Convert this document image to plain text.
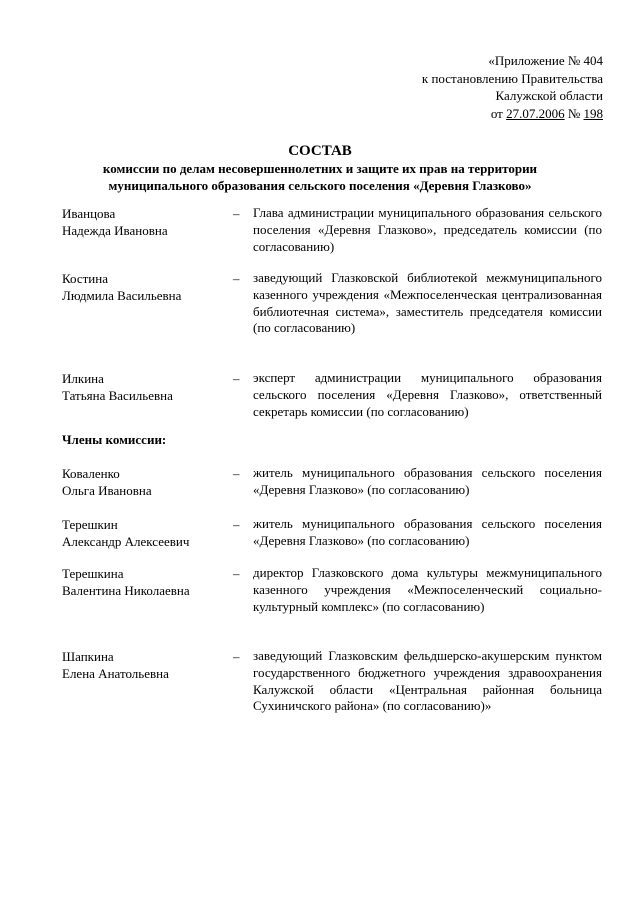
«Приложение № 404
к постановлению Правительства
Калужской области
от 27.07.2006 № 198
СОСТАВ
комиссии по делам несовершеннолетних и защите их прав на территории
муниципального образования сельского поселения «Деревня Глазково»
Иванцова
Надежда Ивановна
– Глава администрации муниципального образования сельского поселения «Деревня Глазково», председатель комиссии (по согласованию)
Костина
Людмила Васильевна
– заведующий Глазковской библиотекой межмуниципального казенного учреждения «Межпоселенческая централизованная библиотечная система», заместитель председателя комиссии (по согласованию)
Илкина
Татьяна Васильевна
– эксперт администрации муниципального образования сельского поселения «Деревня Глазково», ответственный секретарь комиссии (по согласованию)
Члены комиссии:
Коваленко
Ольга Ивановна
– житель муниципального образования сельского поселения «Деревня Глазково» (по согласованию)
Терешкин
Александр Алексеевич
– житель муниципального образования сельского поселения «Деревня Глазково» (по согласованию)
Терешкина
Валентина Николаевна
– директор Глазковского дома культуры межмуниципального казенного учреждения «Межпоселенческий социально-культурный комплекс» (по согласованию)
Шапкина
Елена Анатольевна
– заведующий Глазковским фельдшерско-акушерским пунктом государственного бюджетного учреждения здравоохранения Калужской области «Центральная районная больница Сухиничского района» (по согласованию)»
